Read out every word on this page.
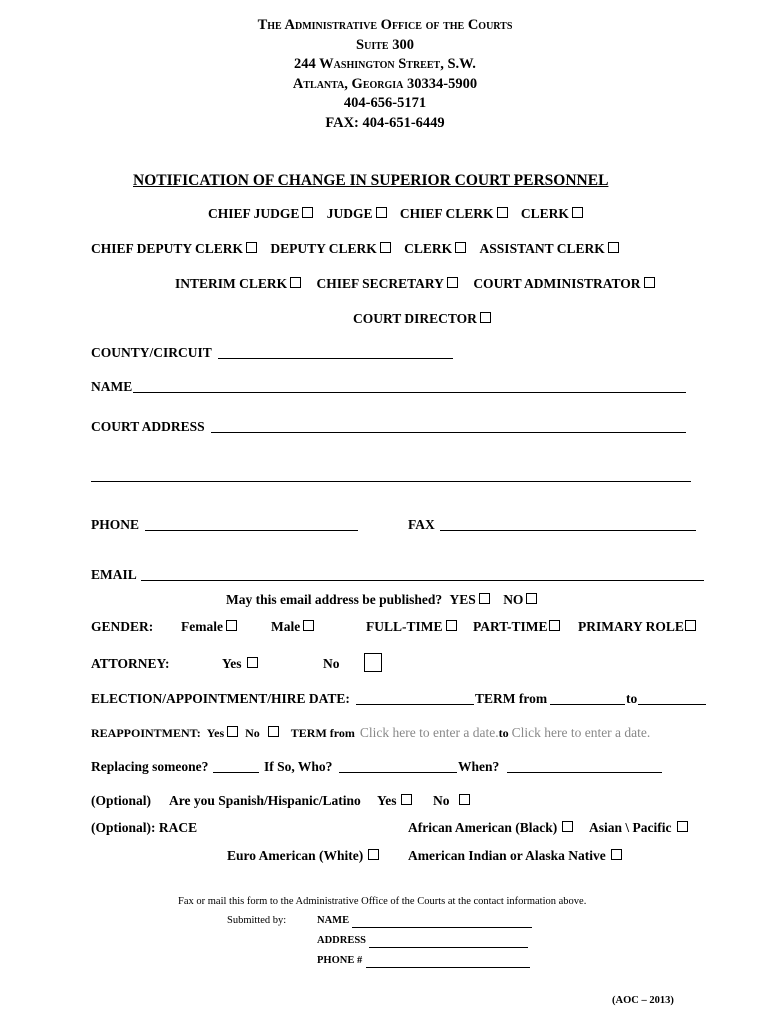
The Administrative Office of the Courts
Suite 300
244 Washington Street, S.W.
Atlanta, Georgia 30334-5900
404-656-5171
FAX: 404-651-6449
NOTIFICATION OF CHANGE IN SUPERIOR COURT PERSONNEL
CHIEF JUDGE JUDGE CHIEF CLERK CLERK
CHIEF DEPUTY CLERK DEPUTY CLERK CLERK ASSISTANT CLERK
INTERIM CLERK CHIEF SECRETARY COURT ADMINISTRATOR
COURT DIRECTOR
COUNTY/CIRCUIT
NAME
COURT ADDRESS
PHONE	FAX
EMAIL
May this email address be published? YES NO
GENDER: Female	Male	FULL-TIME	PART-TIME	PRIMARY ROLE
ATTORNEY:	Yes	No
ELECTION/APPOINTMENT/HIRE DATE:	TERM from	to
REAPPOINTMENT: Yes No	TERM from Click here to enter a date.to Click here to enter a date.
Replacing someone?	If So, Who?	When?
(Optional) Are you Spanish/Hispanic/Latino Yes	No
(Optional): RACE	African American (Black)	Asian \ Pacific
Euro American (White)	American Indian or Alaska Native
Fax or mail this form to the Administrative Office of the Courts at the contact information above.
Submitted by:	NAME
ADDRESS
PHONE #
(AOC – 2013)
